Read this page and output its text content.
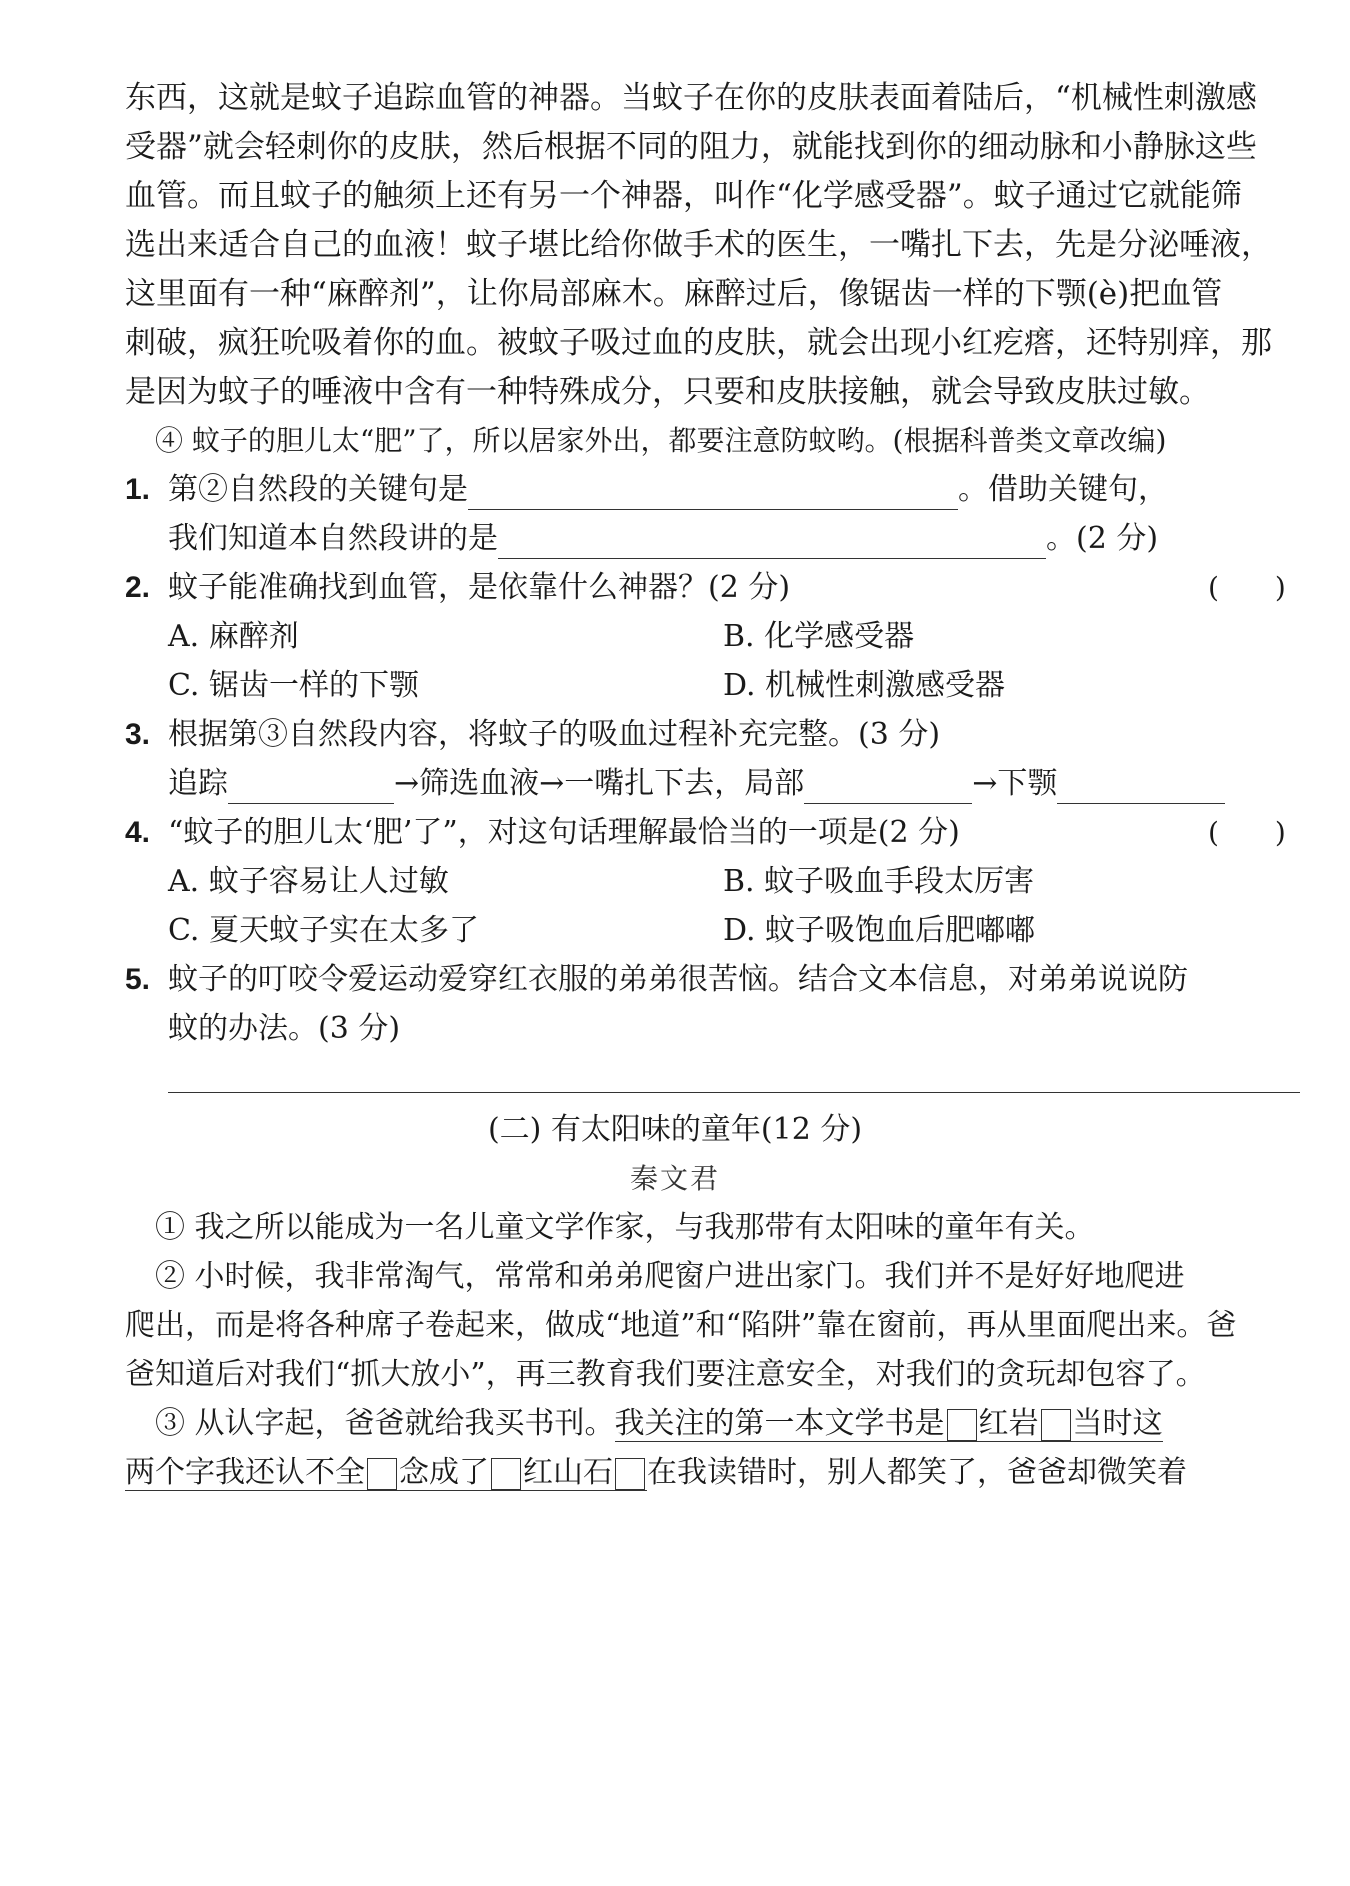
东西，这就是蚊子追踪血管的神器。当蚊子在你的皮肤表面着陆后，“机械性刺激感
受器”就会轻刺你的皮肤，然后根据不同的阻力，就能找到你的细动脉和小静脉这些
血管。而且蚊子的触须上还有另一个神器，叫作“化学感受器”。蚊子通过它就能筛
选出来适合自己的血液！蚊子堪比给你做手术的医生，一嘴扎下去，先是分泌唾液，
这里面有一种“麻醉剂”，让你局部麻木。麻醉过后，像锯齿一样的下颚(è)把血管
刺破，疯狂吮吸着你的血。被蚊子吸过血的皮肤，就会出现小红疙瘩，还特别痒，那
是因为蚊子的唾液中含有一种特殊成分，只要和皮肤接触，就会导致皮肤过敏。
④ 蚊子的胆儿太“肥”了，所以居家外出，都要注意防蚊哟。(根据科普类文章改编)
1. 第②自然段的关键句是	。借助关键句，
我们知道本自然段讲的是	。(2 分)
2. 蚊子能准确找到血管，是依靠什么神器？(2 分)	(　　)
A. 麻醉剂	B. 化学感受器
C. 锯齿一样的下颚	D. 机械性刺激感受器
3. 根据第③自然段内容，将蚊子的吸血过程补充完整。(3 分)
追踪	→筛选血液→一嘴扎下去，局部	→下颚
4. “蚊子的胆儿太‘肥’了”，对这句话理解最恰当的一项是(2 分)	(　　)
A. 蚊子容易让人过敏	B. 蚊子吸血手段太厉害
C. 夏天蚊子实在太多了	D. 蚊子吸饱血后肥嘟嘟
5. 蚊子的叮咬令爱运动爱穿红衣服的弟弟很苦恼。结合文本信息，对弟弟说说防
蚊的办法。(3 分)
(二) 有太阳味的童年(12 分)
秦文君
① 我之所以能成为一名儿童文学作家，与我那带有太阳味的童年有关。
② 小时候，我非常淘气，常常和弟弟爬窗户进出家门。我们并不是好好地爬进
爬出，而是将各种席子卷起来，做成“地道”和“陷阱”靠在窗前，再从里面爬出来。爸
爸知道后对我们“抓大放小”，再三教育我们要注意安全，对我们的贪玩却包容了。
③ 从认字起，爸爸就给我买书刊。我关注的第一本文学书是 红岩 当时这
两个字我还认不全 念成了 红山石 在我读错时，别人都笑了，爸爸却微笑着
